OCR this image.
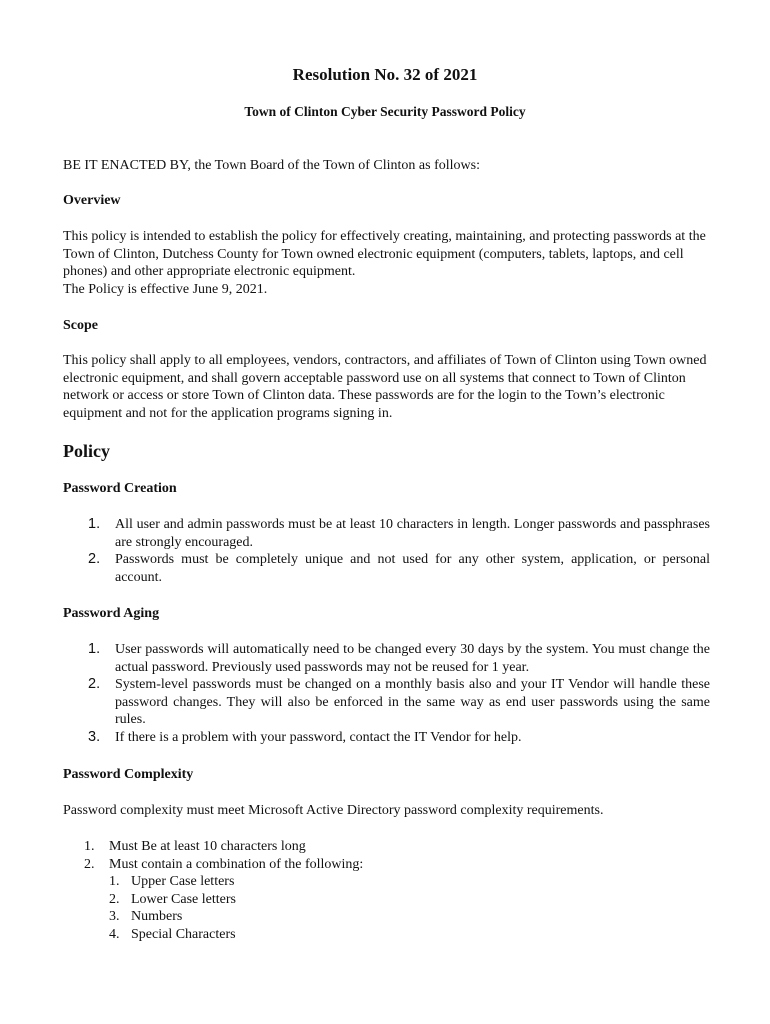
Resolution No. 32 of 2021
Town of Clinton Cyber Security Password Policy

BE IT ENACTED BY, the Town Board of the Town of Clinton as follows:

Overview

This policy is intended to establish the policy for effectively creating, maintaining, and protecting passwords at the Town of Clinton, Dutchess County for Town owned electronic equipment (computers, tablets, laptops, and cell phones) and other appropriate electronic equipment.

The Policy is effective June 9, 2021.

Scope

This policy shall apply to all employees, vendors, contractors, and affiliates of Town of Clinton using Town owned electronic equipment, and shall govern acceptable password use on all systems that connect to Town of Clinton network or access or store Town of Clinton data. These passwords are for the login to the Town’s electronic equipment and not for the application programs signing in.

Policy

Password Creation

1. All user and admin passwords must be at least 10 characters in length. Longer passwords and passphrases are strongly encouraged.
2. Passwords must be completely unique and not used for any other system, application, or personal account.

Password Aging

1. User passwords will automatically need to be changed every 30 days by the system. You must change the actual password. Previously used passwords may not be reused for 1 year.
2. System-level passwords must be changed on a monthly basis also and your IT Vendor will handle these password changes. They will also be enforced in the same way as end user passwords using the same rules.
3. If there is a problem with your password, contact the IT Vendor for help.

Password Complexity

Password complexity must meet Microsoft Active Directory password complexity requirements.

1. Must Be at least 10 characters long
2. Must contain a combination of the following:
1. Upper Case letters
2. Lower Case letters
3. Numbers
4. Special Characters
